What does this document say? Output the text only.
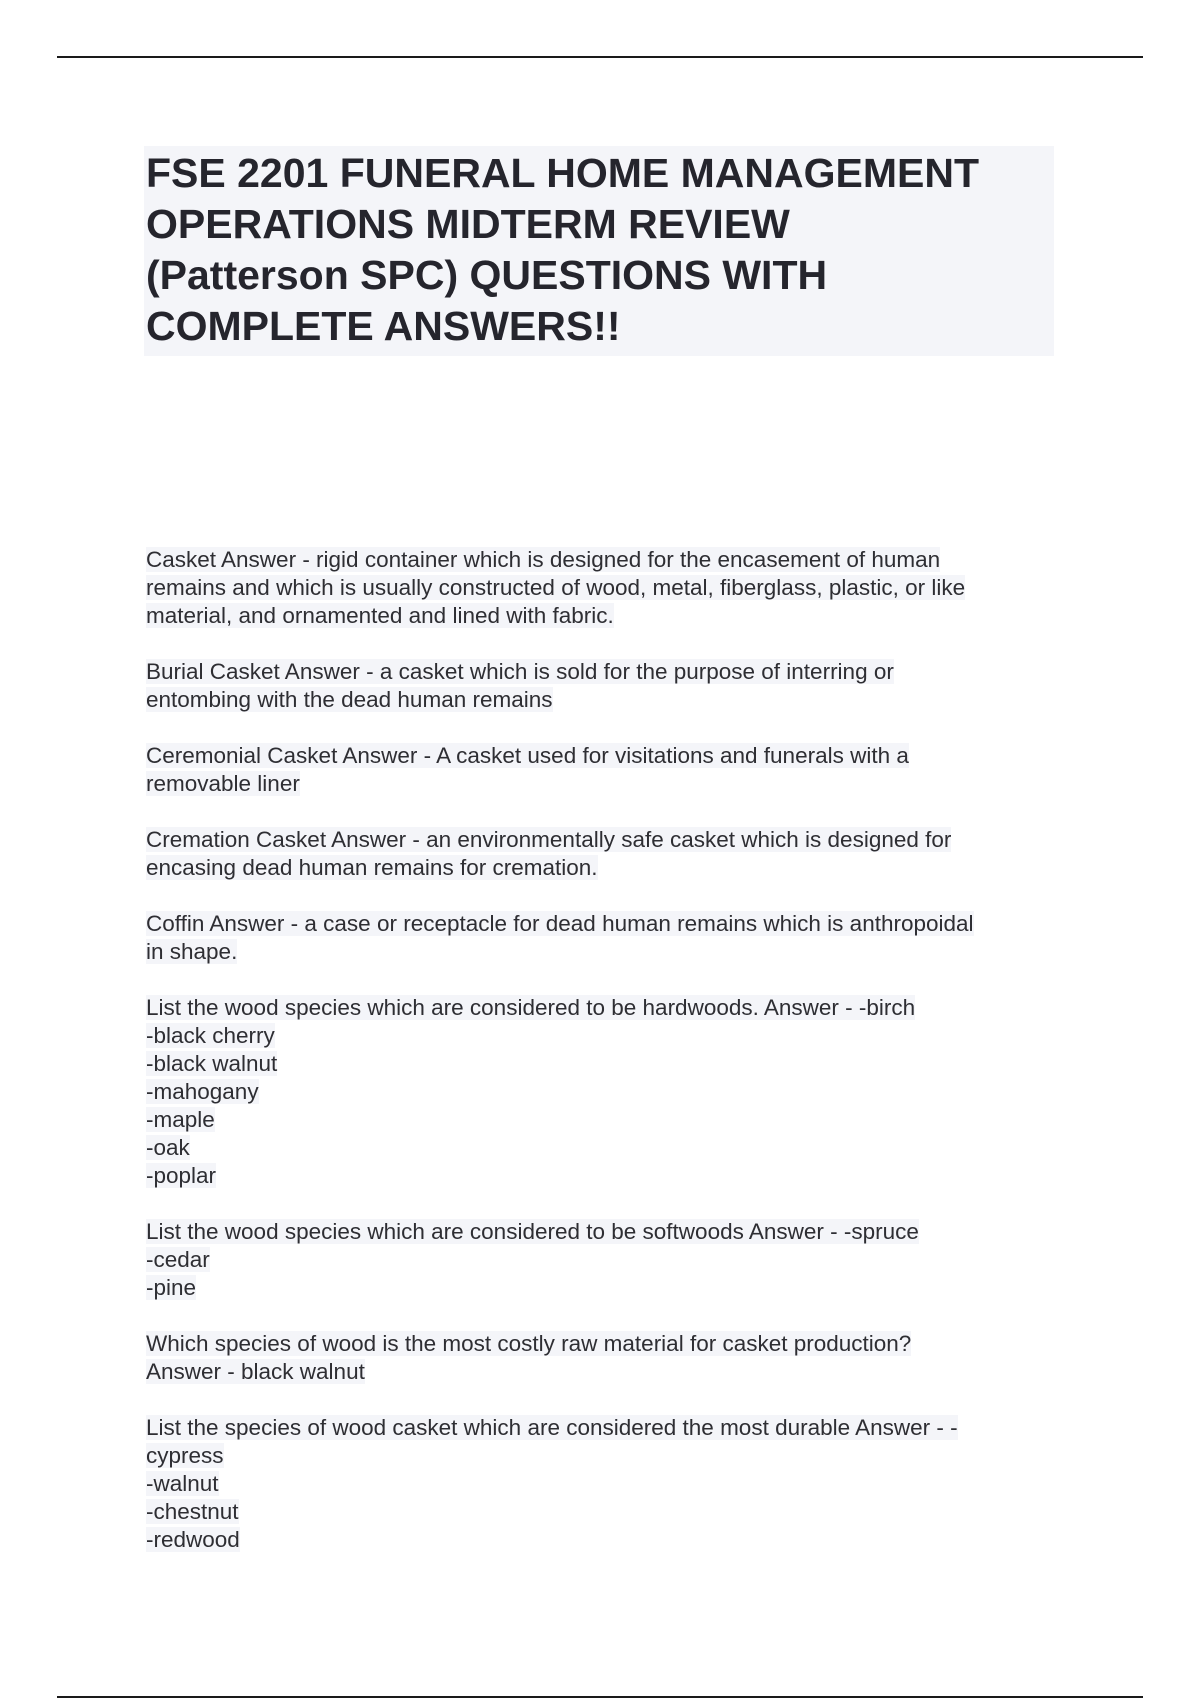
FSE 2201 FUNERAL HOME MANAGEMENT
OPERATIONS MIDTERM REVIEW
(Patterson SPC) QUESTIONS WITH
COMPLETE ANSWERS!!
Casket Answer - rigid container which is designed for the encasement of human
remains and which is usually constructed of wood, metal, fiberglass, plastic, or like
material, and ornamented and lined with fabric.
Burial Casket Answer - a casket which is sold for the purpose of interring or
entombing with the dead human remains
Ceremonial Casket Answer - A casket used for visitations and funerals with a
removable liner
Cremation Casket Answer - an environmentally safe casket which is designed for
encasing dead human remains for cremation.
Coffin Answer - a case or receptacle for dead human remains which is anthropoidal
in shape.
List the wood species which are considered to be hardwoods. Answer - -birch
-black cherry
-black walnut
-mahogany
-maple
-oak
-poplar
List the wood species which are considered to be softwoods Answer - -spruce
-cedar
-pine
Which species of wood is the most costly raw material for casket production?
Answer - black walnut
List the species of wood casket which are considered the most durable Answer - -
cypress
-walnut
-chestnut
-redwood
